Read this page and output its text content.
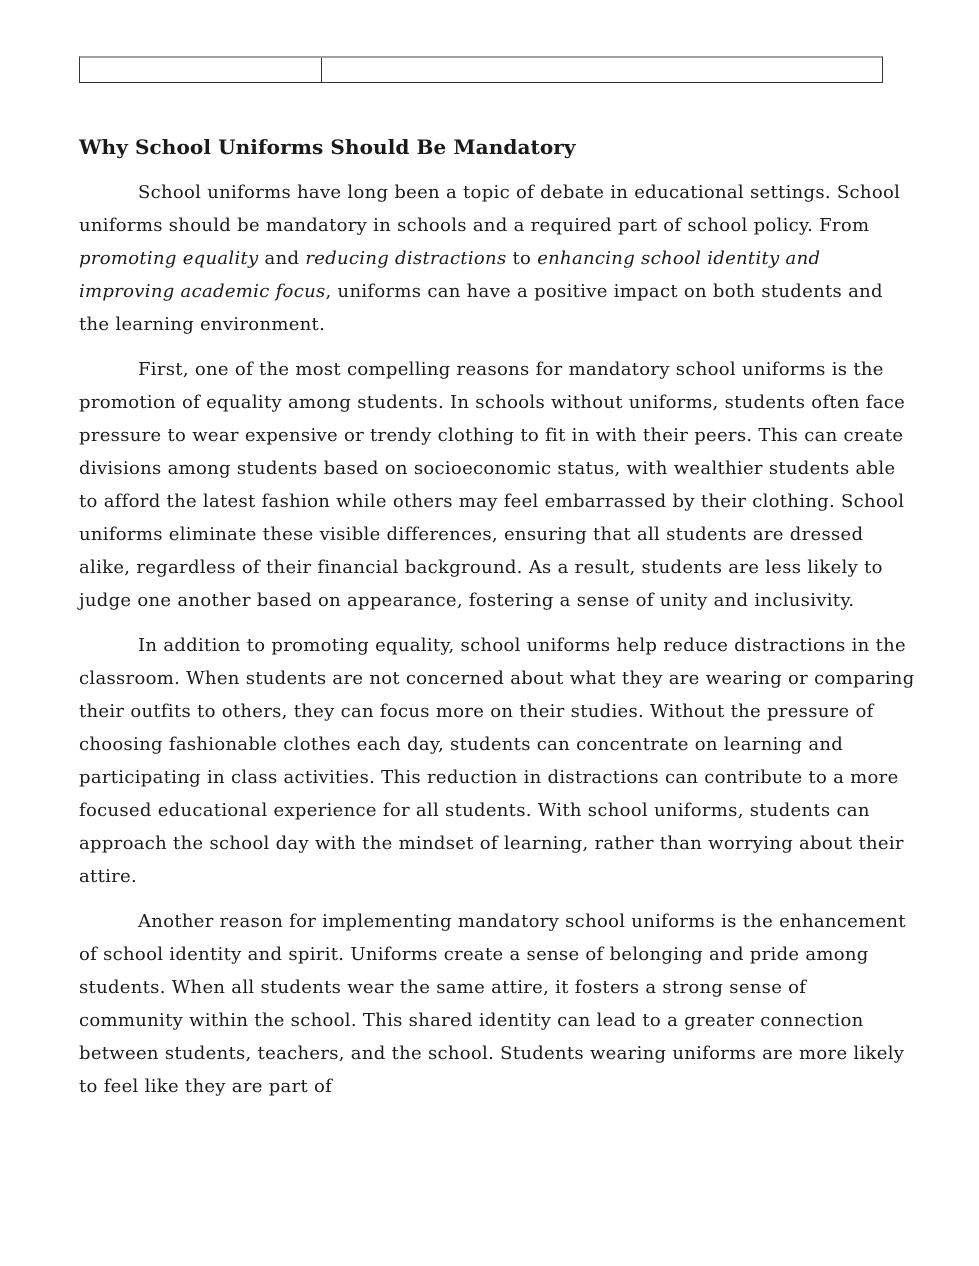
Why School Uniforms Should Be Mandatory

School uniforms have long been a topic of debate in educational settings. School uniforms should be mandatory in schools and a required part of school policy. From promoting equality and reducing distractions to enhancing school identity and improving academic focus, uniforms can have a positive impact on both students and the learning environment.

First, one of the most compelling reasons for mandatory school uniforms is the promotion of equality among students. In schools without uniforms, students often face pressure to wear expensive or trendy clothing to fit in with their peers. This can create divisions among students based on socioeconomic status, with wealthier students able to afford the latest fashion while others may feel embarrassed by their clothing. School uniforms eliminate these visible differences, ensuring that all students are dressed alike, regardless of their financial background. As a result, students are less likely to judge one another based on appearance, fostering a sense of unity and inclusivity.

In addition to promoting equality, school uniforms help reduce distractions in the classroom. When students are not concerned about what they are wearing or comparing their outfits to others, they can focus more on their studies. Without the pressure of choosing fashionable clothes each day, students can concentrate on learning and participating in class activities. This reduction in distractions can contribute to a more focused educational experience for all students. With school uniforms, students can approach the school day with the mindset of learning, rather than worrying about their attire.

Another reason for implementing mandatory school uniforms is the enhancement of school identity and spirit. Uniforms create a sense of belonging and pride among students. When all students wear the same attire, it fosters a strong sense of community within the school. This shared identity can lead to a greater connection between students, teachers, and the school. Students wearing uniforms are more likely to feel like they are part of
